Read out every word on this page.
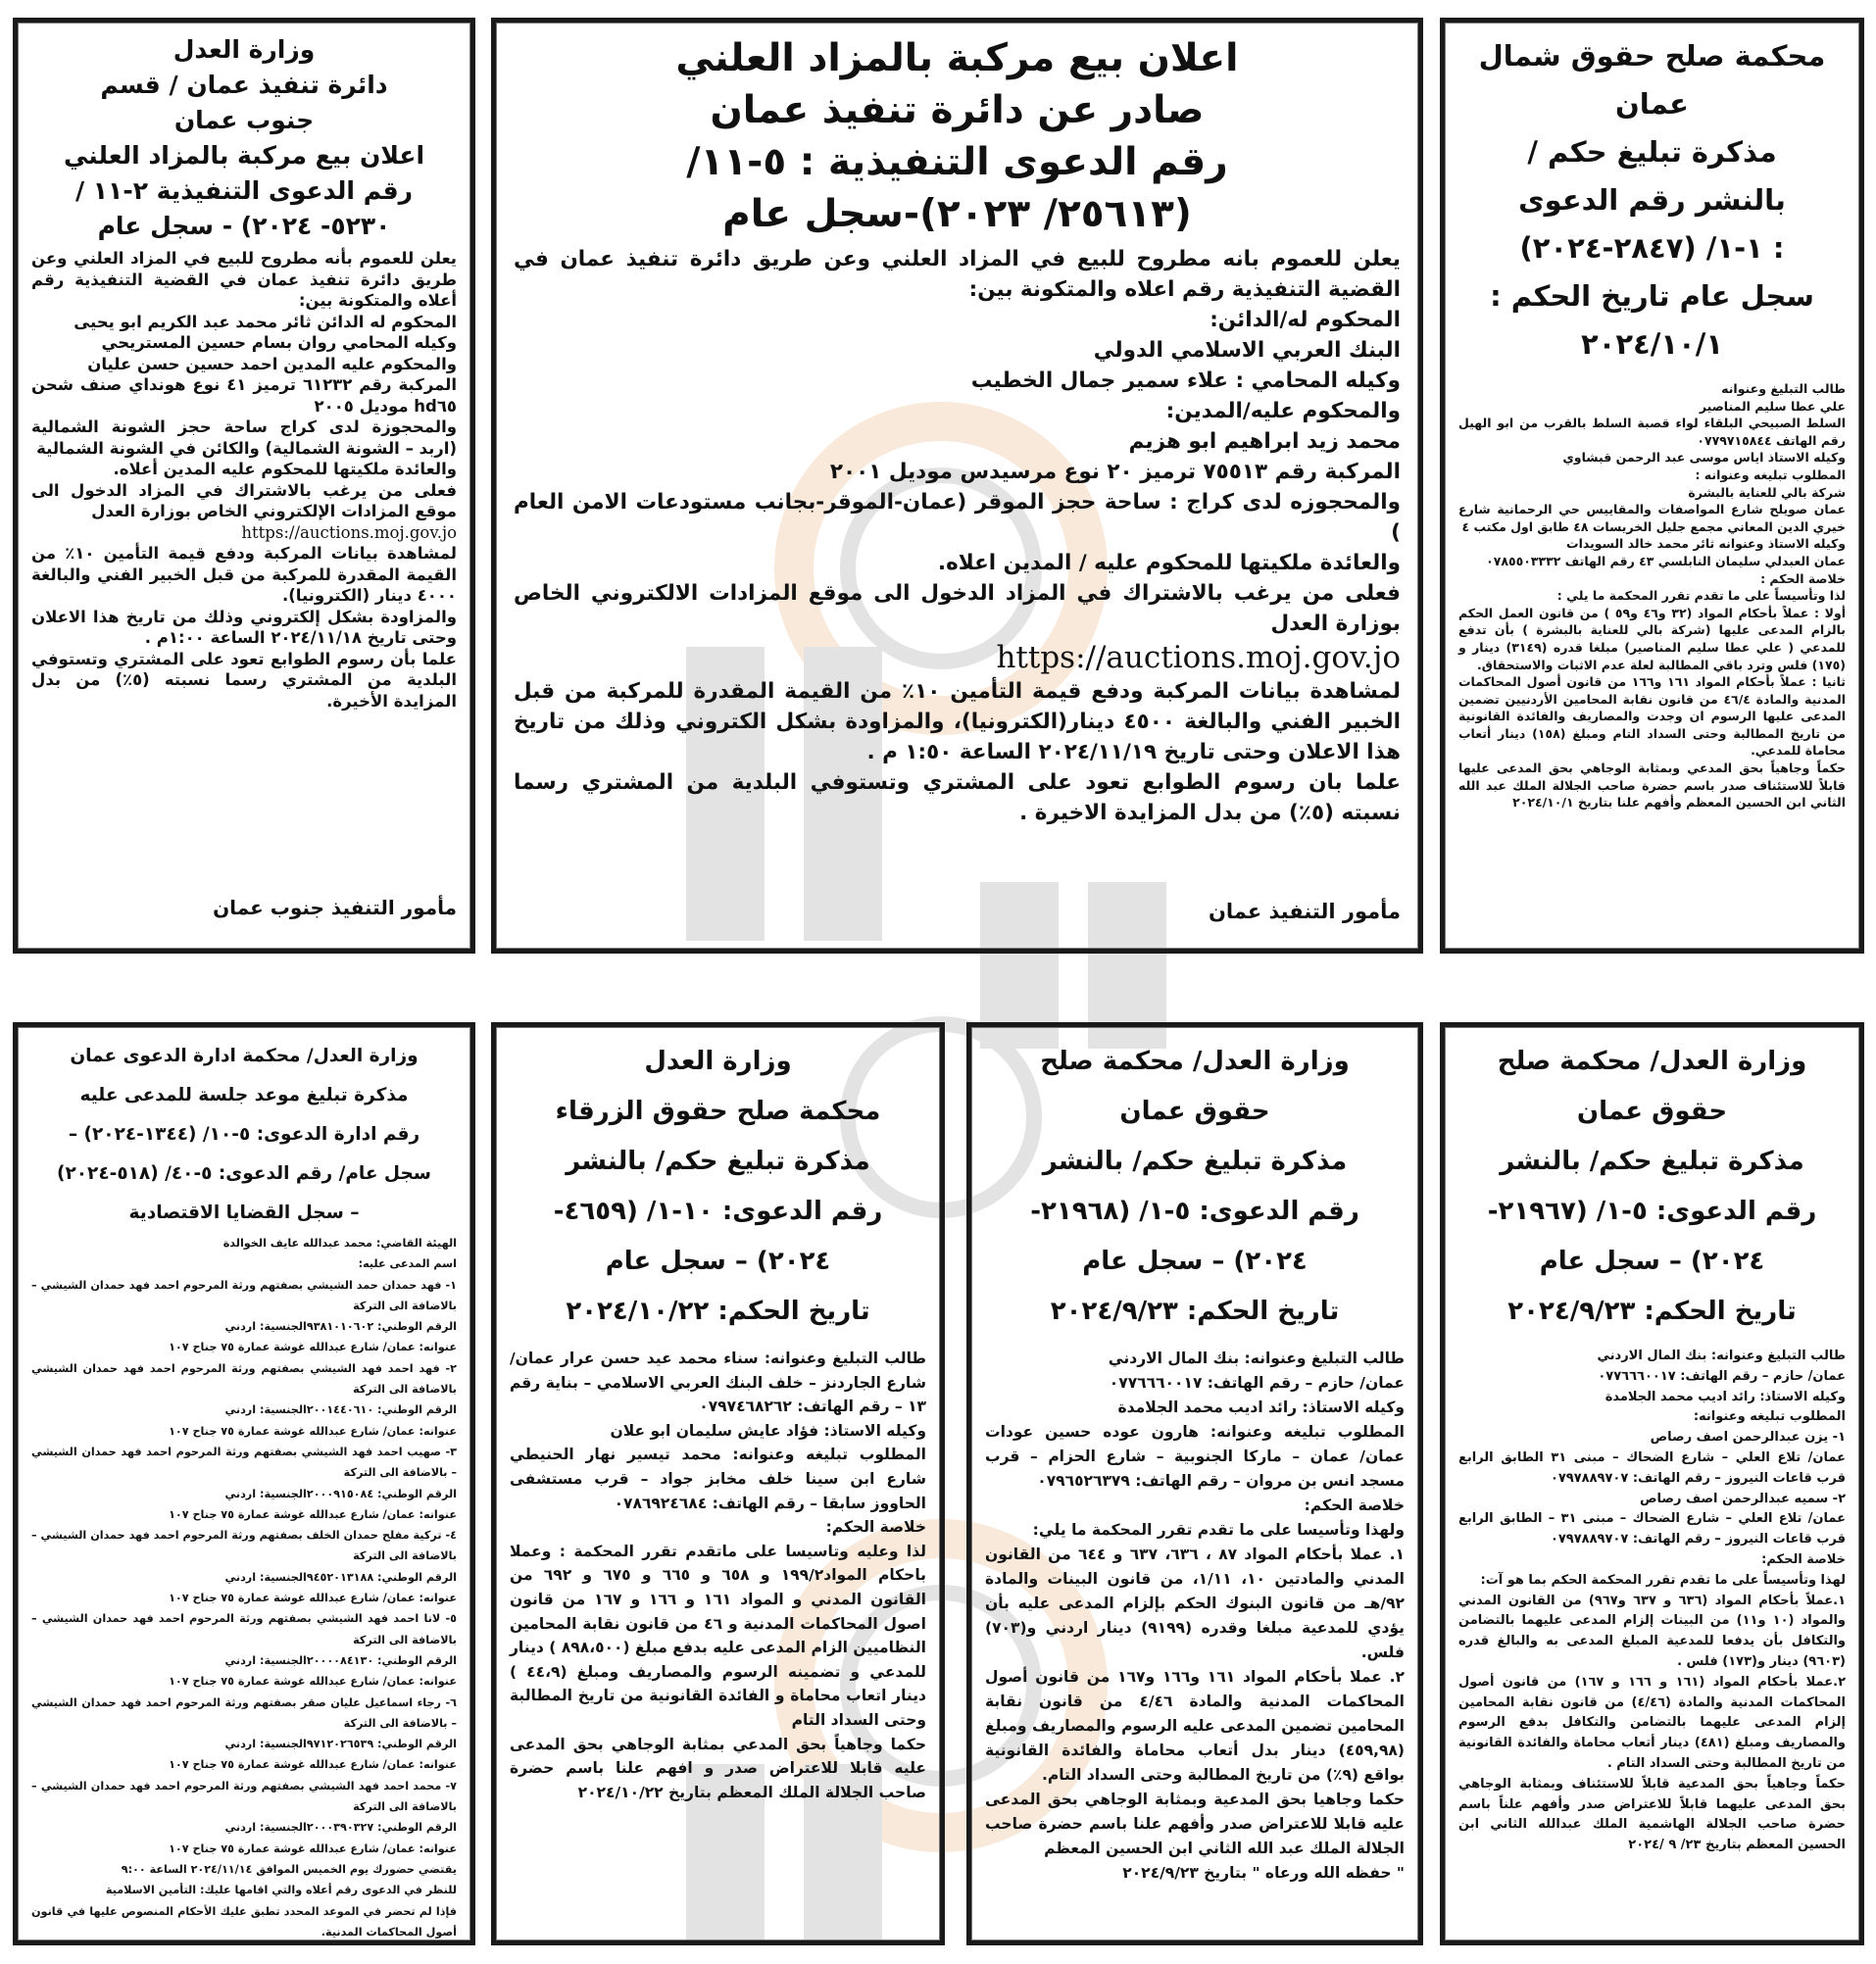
وزارة العدل
دائرة تنفيذ عمان / قسم
جنوب عمان
اعلان بيع مركبة بالمزاد العلني
رقم الدعوى التنفيذية ٢-١١ /
٥٢٣٠- ٢٠٢٤) - سجل عام

يعلن للعموم بأنه مطروح للبيع في المزاد العلني وعن طريق دائرة تنفيذ عمان في القضية التنفيذية رقم أعلاه والمتكونة بين:

المحكوم له الدائن ثائر محمد عبد الكريم ابو يحيى

وكيله المحامي روان بسام حسين المستريحي

والمحكوم عليه المدين احمد حسين حسن عليان

المركبة رقم ٦١٢٣٢ ترميز ٤١ نوع هونداي صنف شحن hd٦٥ موديل ٢٠٠٥

والمحجوزة لدى كراج ساحة حجز الشونة الشمالية (اربد – الشونة الشمالية) والكائن في الشونة الشمالية

والعائدة ملكيتها للمحكوم عليه المدين أعلاه.

فعلى من يرغب بالاشتراك في المزاد الدخول الى موقع المزادات الإلكتروني الخاص بوزارة العدل

https://auctions.moj.gov.jo

لمشاهدة بيانات المركبة ودفع قيمة التأمين ١٠٪ من القيمة المقدرة للمركبة من قبل الخبير الفني والبالغة ٤٠٠٠ دينار (الكترونيا).

والمزاودة بشكل إلكتروني وذلك من تاريخ هذا الاعلان وحتى تاريخ ٢٠٢٤/١١/١٨ الساعة ١:٠٠م .

علما بأن رسوم الطوابع تعود على المشتري وتستوفي البلدية من المشتري رسما نسبته (٥٪) من بدل المزايدة الأخيرة.

مأمور التنفيذ جنوب عمان
اعلان بيع مركبة بالمزاد العلني
صادر عن دائرة تنفيذ عمان
رقم الدعوى التنفيذية : ٥-١١/
(٢٥٦١٣/ ٢٠٢٣)-سجل عام

يعلن للعموم بانه مطروح للبيع في المزاد العلني وعن طريق دائرة تنفيذ عمان في القضية التنفيذية رقم اعلاه والمتكونة بين:

المحكوم له/الدائن:

البنك العربي الاسلامي الدولي

وكيله المحامي : علاء سمير جمال الخطيب

والمحكوم عليه/المدين:

محمد زيد ابراهيم ابو هزيم

المركبة رقم ٧٥٥١٣ ترميز ٢٠ نوع مرسيدس موديل ٢٠٠١

والمحجوزه لدى كراج : ساحة حجز الموقر (عمان-الموقر-بجانب مستودعات الامن العام )

والعائدة ملكيتها للمحكوم عليه / المدين اعلاه.

فعلى من يرغب بالاشتراك في المزاد الدخول الى موقع المزادات الالكتروني الخاص بوزارة العدل

https://auctions.moj.gov.jo

لمشاهدة بيانات المركبة ودفع قيمة التأمين ١٠٪ من القيمة المقدرة للمركبة من قبل الخبير الفني والبالغة ٤٥٠٠ دينار(الكترونيا)، والمزاودة بشكل الكتروني وذلك من تاريخ هذا الاعلان وحتى تاريخ ٢٠٢٤/١١/١٩ الساعة ١:٥٠ م .

علما بان رسوم الطوابع تعود على المشتري وتستوفي البلدية من المشتري رسما نسبته (٥٪) من بدل المزايدة الاخيرة .

مأمور التنفيذ عمان
محكمة صلح حقوق شمال
عمان
مذكرة تبليغ حكم /
بالنشر رقم الدعوى
: ١-١/ (٢٨٤٧-٢٠٢٤)
سجل عام تاريخ الحكم :
٢٠٢٤/١٠/١

طالب التبليغ وعنوانه

علي عطا سليم المناصير

السلط الصبيحي البلقاء لواء قصبة السلط بالقرب من ابو الهيل رقم الهاتف ٠٧٧٩٧١٥٨٤٤

وكيله الاستاذ اياس موسى عبد الرحمن قبشاوي

المطلوب تبليغه وعنوانه :

شركة بالي للعناية بالبشرة

عمان صويلح شارع المواصفات والمقاييس حي الرحمانية شارع خيري الدين المعاني مجمع جليل الخريسات ٤٨ طابق اول مكتب ٤

وكيله الاستاذ وعنوانه ثائر محمد خالد السويدات

عمان العبدلي سليمان النابلسي ٤٣ رقم الهاتف ٠٧٨٥٥٠٣٣٣٢

خلاصة الحكم :

لذا وتأسيساً على ما تقدم تقرر المحكمة ما يلي :

أولا : عملاً بأحكام المواد (٣٢ و٤٦ و٥٩ ) من قانون العمل الحكم بالزام المدعى عليها (شركة بالي للعناية بالبشرة ) بأن تدفع للمدعي ( علي عطا سليم المناصير) مبلغا قدره (٣١٤٩) دينار و (١٧٥) فلس وترد باقي المطالبة لعلة عدم الاثبات والاستحقاق.

ثانيا : عملاً بأحكام المواد ١٦١ و١٦٦ من قانون أصول المحاكمات المدنية والمادة ٤٦/٤ من قانون نقابة المحامين الأردنيين تضمين المدعى عليها الرسوم ان وجدت والمصاريف والفائدة القانونية من تاريخ المطالبة وحتى السداد التام ومبلغ (١٥٨) دينار أتعاب محاماة للمدعي.

حكماً وجاهياً بحق المدعي وبمثابة الوجاهي بحق المدعى عليها قابلاً للاستئناف صدر باسم حضرة صاحب الجلالة الملك عبد الله الثاني ابن الحسين المعظم وأفهم علنا بتاريخ ٢٠٢٤/١٠/١

وزارة العدل/ محكمة ادارة الدعوى عمان
مذكرة تبليغ موعد جلسة للمدعى عليه
رقم ادارة الدعوى: ٥-١٠/ (١٣٤٤-٢٠٢٤) –
سجل عام/ رقم الدعوى: ٥-٤٠/ (٥١٨-٢٠٢٤)
– سجل القضايا الاقتصادية

الهيئة القاضي: محمد عبدالله عايف الخوالدة

اسم المدعى عليه:

١- فهد حمدان حمد الشيشي بصفتهم ورثة المرحوم احمد فهد حمدان الشيشي – بالاضافة الى التركة

الرقم الوطني: ٩٣٨١٠١٠٦٠٢الجنسية: اردني

عنوانه: عمان/ شارع عبدالله غوشة عمارة ٧٥ جناح ١٠٧

٢- فهد احمد فهد الشيشي بصفتهم ورثة المرحوم احمد فهد حمدان الشيشي بالاضافة الى التركة

الرقم الوطني: ٢٠٠١٤٤٠٦١٠الجنسية: اردني

عنوانه: عمان/ شارع عبدالله غوشة عمارة ٧٥ جناح ١٠٧

٣- صهيب احمد فهد الشيشي بصفتهم ورثة المرحوم احمد فهد حمدان الشيشي – بالاضافة الى التركة

الرقم الوطني: ٢٠٠٠٩١٥٠٨٤الجنسية: اردني

عنوانه: عمان/ شارع عبدالله غوشة عمارة ٧٥ جناح ١٠٧

٤- تركية مفلح حمدان الخلف بصفتهم ورثة المرحوم احمد فهد حمدان الشيشي – بالاضافة الى التركة

الرقم الوطني: ٩٤٥٢٠١٣١٨٨الجنسية: اردني

عنوانه: عمان/ شارع عبدالله غوشة عمارة ٧٥ جناح ١٠٧

٥- لانا احمد فهد الشيشي بصفتهم ورثة المرحوم احمد فهد حمدان الشيشي – بالاضافة الى التركة

الرقم الوطني: ٢٠٠٠٠٨٤١٣٠الجنسية: اردني

عنوانه: عمان/ شارع عبدالله غوشة عمارة ٧٥ جناح ١٠٧

٦- رجاء اسماعيل عليان صقر بصفتهم ورثة المرحوم احمد فهد حمدان الشيشي – بالاضافة الى التركة

الرقم الوطني: ٩٧١٢٠٢٦٥٣٩الجنسية: اردني

عنوانه: عمان/ شارع عبدالله غوشة عمارة ٧٥ جناح ١٠٧

٧- محمد احمد فهد الشيشي بصفتهم ورثة المرحوم احمد فهد حمدان الشيشي – بالاضافة الى التركة

الرقم الوطني: ٢٠٠٠٣٩٠٣٢٧الجنسية: اردني

عنوانه: عمان/ شارع عبدالله غوشة عمارة ٧٥ جناح ١٠٧

يقتضي حضورك يوم الخميس الموافق ٢٠٢٤/١١/١٤ الساعة ٩:٠٠

للنظر في الدعوى رقم أعلاه والتي اقامها عليك: التأمين الاسلامية

فإذا لم تحضر في الموعد المحدد تطبق عليك الأحكام المنصوص عليها في قانون أصول المحاكمات المدنية.

وزارة العدل
محكمة صلح حقوق الزرقاء
مذكرة تبليغ حكم/ بالنشر
رقم الدعوى: ١٠-١/ (٤٦٥٩-
٢٠٢٤) – سجل عام
تاريخ الحكم: ٢٠٢٤/١٠/٢٢

طالب التبليغ وعنوانه: سناء محمد عيد حسن عرار عمان/ شارع الجاردنز – خلف البنك العربي الاسلامي – بناية رقم ١٣ – رقم الهاتف: ٠٧٩٧٤٦٨٢٦٢

وكيله الاستاذ: فؤاد عايش سليمان ابو علان

المطلوب تبليغه وعنوانه: محمد تيسير نهار الحنيطي شارع ابن سينا خلف مخابز جواد – قرب مستشفى الحاووز سابقا – رقم الهاتف: ٠٧٨٦٩٢٤٦٨٤

خلاصة الحكم:

لذا وعليه وتاسيسا على ماتقدم تقرر المحكمة : وعملا باحكام المواد١٩٩/٢ و ٦٥٨ و ٦٦٥ و ٦٧٥ و ٦٩٢ من القانون المدني و المواد ١٦١ و ١٦٦ و ١٦٧ من قانون اصول المحاكمات المدنية و ٤٦ من قانون نقابة المحامين النظاميين الزام المدعى عليه بدفع مبلغ (٨٩٨،٥٠٠ ) دينار للمدعي و تضمينه الرسوم والمصاريف ومبلغ (٤٤،٩ ) دينار اتعاب محاماة و الفائدة القانونية من تاريخ المطالبة وحتى السداد التام

حكما وجاهياً بحق المدعي بمثابة الوجاهي بحق المدعى عليه قابلا للاعتراض صدر و افهم علنا باسم حضرة صاحب الجلالة الملك المعظم بتاريخ ٢٠٢٤/١٠/٢٢

وزارة العدل/ محكمة صلح
حقوق عمان
مذكرة تبليغ حكم/ بالنشر
رقم الدعوى: ٥-١/ (٢١٩٦٨-
٢٠٢٤) – سجل عام
تاريخ الحكم: ٢٠٢٤/٩/٢٣

طالب التبليغ وعنوانه: بنك المال الاردني

عمان/ حازم – رقم الهاتف: ٠٧٧٦٦٦٠٠١٧

وكيله الاستاذ: رائد اديب محمد الجلامدة

المطلوب تبليغه وعنوانه: هارون عوده حسين عودات عمان/ عمان – ماركا الجنوبية – شارع الحزام – قرب مسجد انس بن مروان – رقم الهاتف: ٠٧٩٦٥٢٦٣٧٩

خلاصة الحكم:

ولهذا وتأسيسا على ما تقدم تقرر المحكمة ما يلي:

١. عملا بأحكام المواد ٨٧ ، ٦٣٦، ٦٣٧ و ٦٤٤ من القانون المدني والمادتين ١٠، ١/١١، من قانون البينات والمادة ٩٢/هـ من قانون البنوك الحكم بإلزام المدعى عليه بأن يؤدي للمدعية مبلغا وقدره (٩١٩٩) دينار اردني و(٧٠٣) فلس.

٢. عملا بأحكام المواد ١٦١ و١٦٦ و١٦٧ من قانون أصول المحاكمات المدنية والمادة ٤/٤٦ من قانون نقابة المحامين تضمين المدعى عليه الرسوم والمصاريف ومبلغ (٤٥٩,٩٨) دينار بدل أتعاب محاماة والفائدة القانونية بواقع (٩٪) من تاريخ المطالبة وحتى السداد التام.

حكما وجاهيا بحق المدعية وبمثابة الوجاهي بحق المدعى عليه قابلا للاعتراض صدر وأفهم علنا باسم حضرة صاحب الجلالة الملك عبد الله الثاني ابن الحسين المعظم

" حفظه الله ورعاه " بتاريخ ٢٠٢٤/٩/٢٣

وزارة العدل/ محكمة صلح
حقوق عمان
مذكرة تبليغ حكم/ بالنشر
رقم الدعوى: ٥-١/ (٢١٩٦٧-
٢٠٢٤) – سجل عام
تاريخ الحكم: ٢٠٢٤/٩/٢٣

طالب التبليغ وعنوانه: بنك المال الاردني

عمان/ حازم – رقم الهاتف: ٠٧٧٦٦٦٠٠١٧

وكيله الاستاذ: رائد اديب محمد الجلامدة

المطلوب تبليغه وعنوانه:

١- يزن عبدالرحمن اصف رصاص

عمان/ تلاع العلي – شارع الضحاك – مبنى ٣١ الطابق الرابع قرب قاعات النيروز – رقم الهاتف: ٠٧٩٧٨٨٩٧٠٧

٢- سميه عبدالرحمن اصف رصاص

عمان/ تلاع العلي – شارع الضحاك – مبنى ٣١ – الطابق الرابع قرب قاعات النيروز – رقم الهاتف: ٠٧٩٧٨٨٩٧٠٧

خلاصة الحكم:

لهذا وتأسيساً على ما تقدم تقرر المحكمة الحكم بما هو آت:

١.عملاً بأحكام المواد (٦٣٦ و ٦٣٧ و٩٦٧) من القانون المدني والمواد (١٠ و١١) من البينات إلزام المدعى عليهما بالتضامن والتكافل بأن يدفعا للمدعية المبلغ المدعى به والبالغ قدره (٩٦٠٣) دينار و(١٧٣) فلس .

٢.عملا بأحكام المواد (١٦١ و ١٦٦ و ١٦٧) من قانون أصول المحاكمات المدنية والمادة (٤/٤٦) من قانون نقابة المحامين إلزام المدعى عليهما بالتضامن والتكافل بدفع الرسوم والمصاريف ومبلغ (٤٨١) دينار أتعاب محاماة والفائدة القانونية من تاريخ المطالبة وحتى السداد التام .

حكماً وجاهياً بحق المدعية قابلاً للاستئناف وبمثابة الوجاهي بحق المدعى عليهما قابلاً للاعتراض صدر وأفهم علناً باسم حضرة صاحب الجلالة الهاشمية الملك عبدالله الثاني ابن الحسين المعظم بتاريخ ٢٣/ ٩ /٢٠٢٤
